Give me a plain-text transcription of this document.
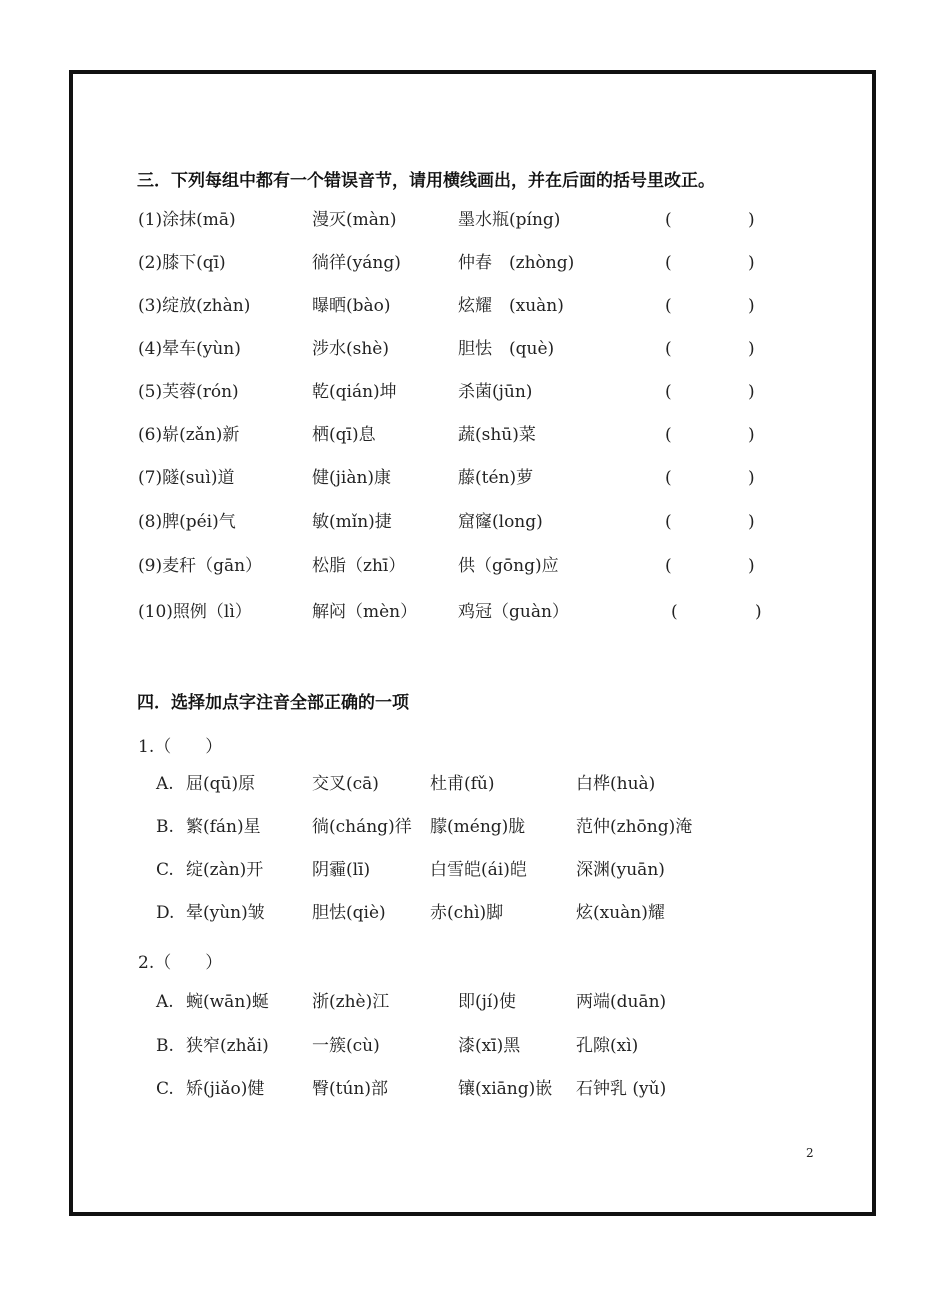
三．下列每组中都有一个错误音节，请用横线画出，并在后面的括号里改正。
(1)涂抹(mā)	漫灭(màn)	墨水瓶(píng)	(	)
(2)膝下(qī)	徜徉(yáng)	仲春　(zhòng)	(	)
(3)绽放(zhàn)	曝晒(bào)	炫耀　(xuàn)	(	)
(4)晕车(yùn)	涉水(shè)	胆怯　(què)	(	)
(5)芙蓉(rón)	乾(qián)坤	杀菌(jūn)	(	)
(6)崭(zǎn)新	栖(qī)息	蔬(shū)菜	(	)
(7)隧(suì)道	健(jiàn)康	藤(tén)萝	(	)
(8)脾(péi)气	敏(mǐn)捷	窟窿(long)	(	)
(9)麦秆（gān）	松脂（zhī）	供（gōng)应	(	)
(10)照例（lì）	解闷（mèn） 鸡冠（guàn）	(	)
四．选择加点字注音全部正确的一项
1.（　　）
A. 屈(qū)原	交叉(cā)	杜甫(fǔ)	白桦(huà)
B. 繁(fán)星	徜(cháng)徉 朦(méng)胧	范仲(zhōng)淹
C. 绽(zàn)开	阴霾(lī)	白雪皑(ái)皑	深渊(yuān)
D. 晕(yùn)皱	胆怯(qiè)	赤(chì)脚	炫(xuàn)耀
2.（　　）
A. 蜿(wān)蜒	浙(zhè)江	即(jí)使	两端(duān)
B. 狭窄(zhǎi)	一簇(cù)	漆(xī)黑	孔隙(xì)
C. 矫(jiǎo)健	臀(tún)部	镶(xiāng)嵌 石钟乳 (yǔ)
2
